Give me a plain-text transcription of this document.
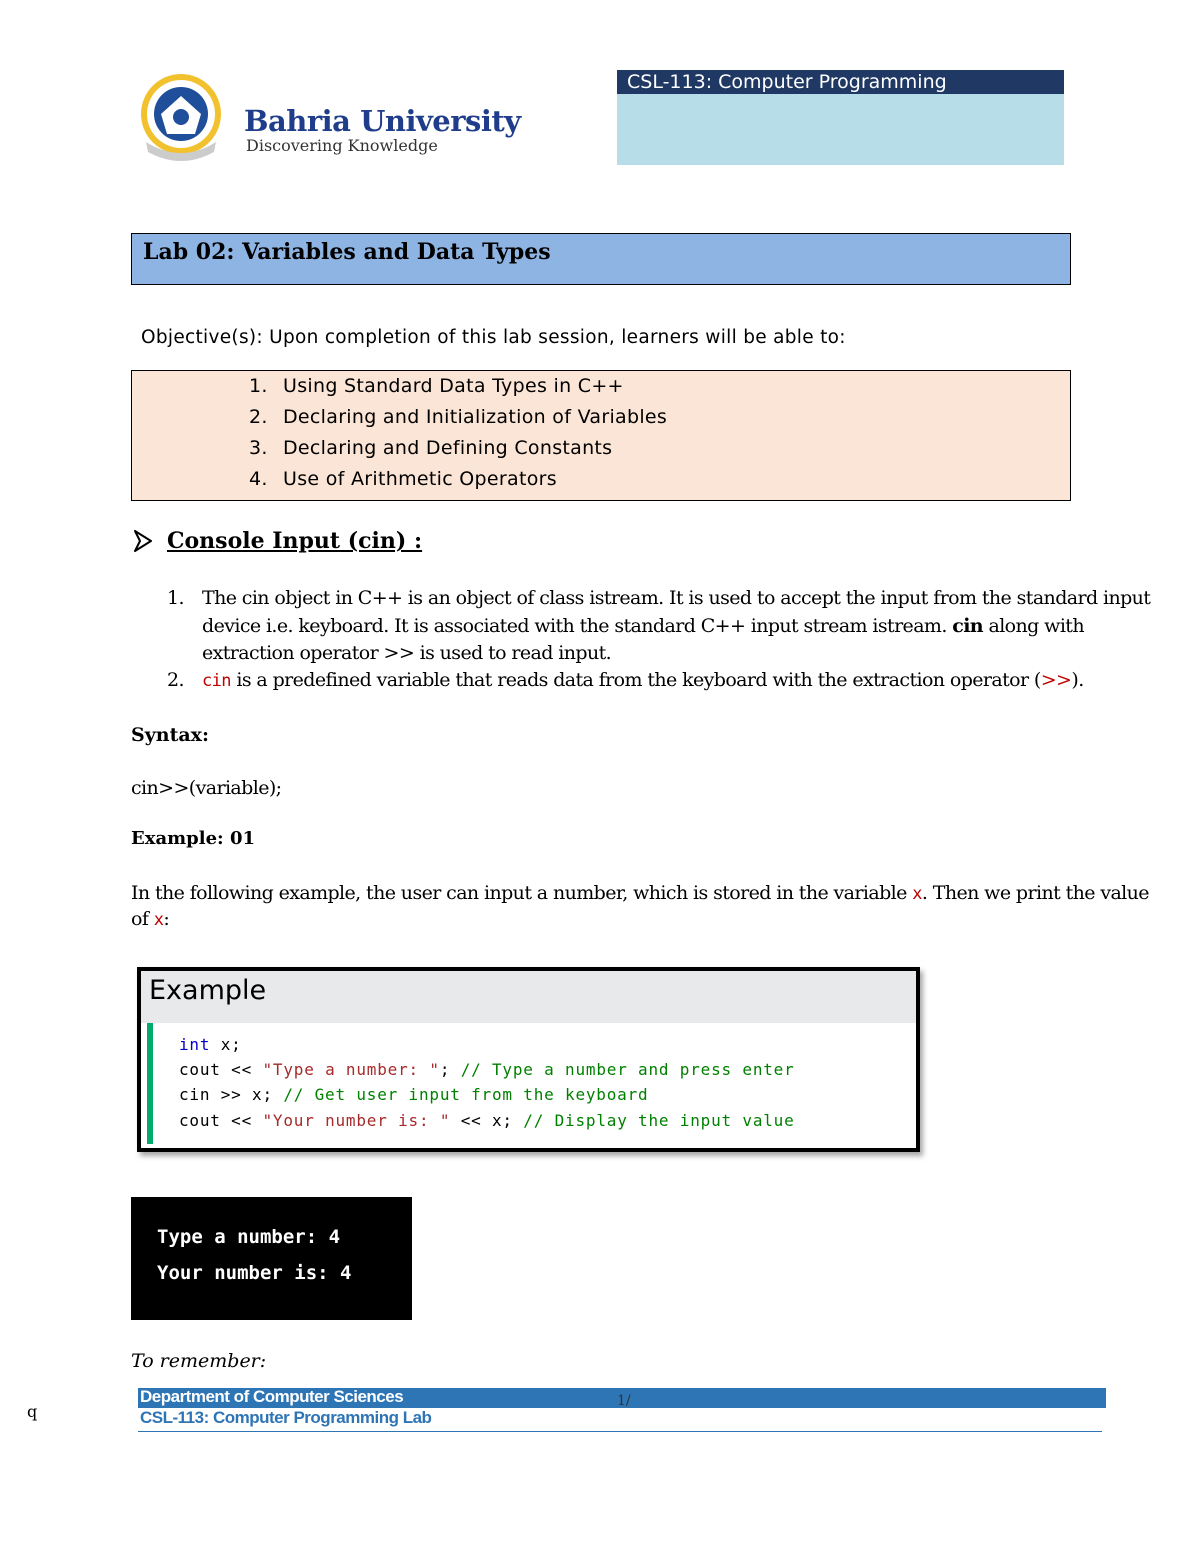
Bahria University
Discovering Knowledge
CSL-113: Computer Programming
Lab 02: Variables and Data Types
Objective(s): Upon completion of this lab session, learners will be able to:
1. Using Standard Data Types in C++
2. Declaring and Initialization of Variables
3. Declaring and Defining Constants
4. Use of Arithmetic Operators
Console Input (cin) :
1. The cin object in C++ is an object of class istream. It is used to accept the input from the standard input
device i.e. keyboard. It is associated with the standard C++ input stream istream. cin along with
extraction operator >> is used to read input.
2. cin is a predefined variable that reads data from the keyboard with the extraction operator (>>).
Syntax:
cin>>(variable);
Example: 01
In the following example, the user can input a number, which is stored in the variable x. Then we print the value
of x:
Example
int x;
cout << "Type a number: "; // Type a number and press enter
cin >> x; // Get user input from the keyboard
cout << "Your number is: " << x; // Display the input value
Type a number: 4
Your number is: 4
To remember:
q
Department of Computer Sciences	1/
CSL-113: Computer Programming Lab
